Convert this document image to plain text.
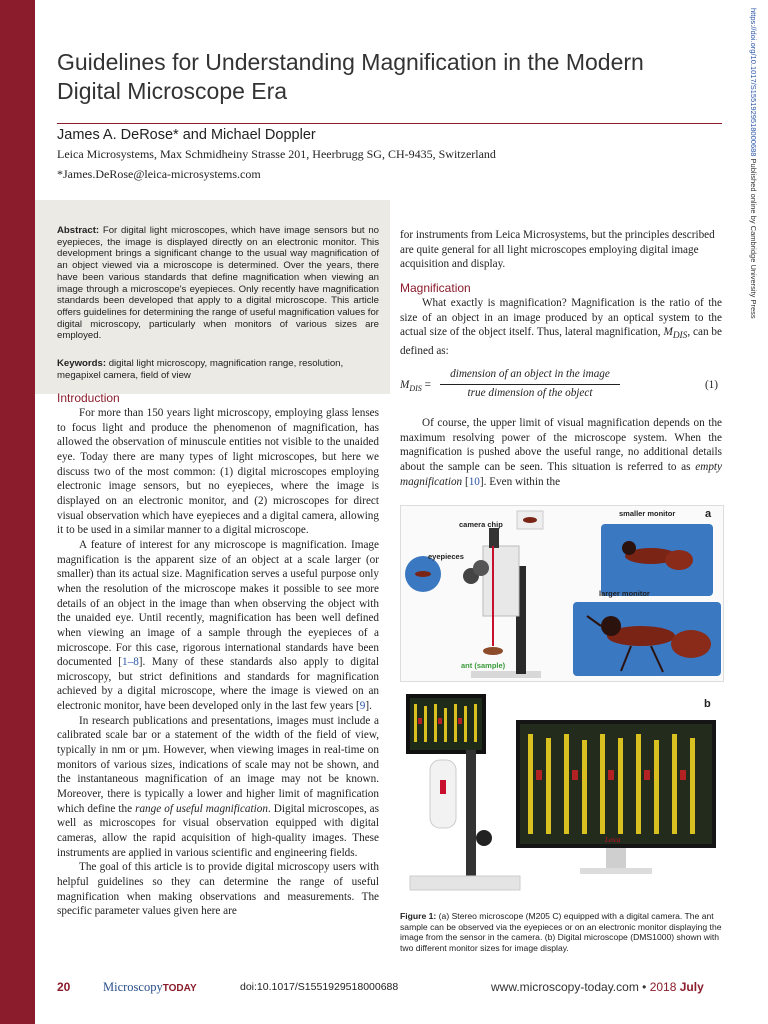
https://doi.org/10.1017/S1551929518000688 Published online by Cambridge University Press
Guidelines for Understanding Magnification in the Modern Digital Microscope Era
James A. DeRose* and Michael Doppler
Leica Microsystems, Max Schmidheiny Strasse 201, Heerbrugg SG, CH-9435, Switzerland
*James.DeRose@leica-microsystems.com
Abstract: For digital light microscopes, which have image sensors but no eyepieces, the image is displayed directly on an electronic monitor. This development brings a significant change to the usual way magnification of an object viewed via a microscope is determined. Over the years, there have been various standards that define magnification when viewing an image through a microscope's eyepieces. Only recently have magnification standards been developed that apply to a digital microscope. This article offers guidelines for determining the range of useful magnification values for digital microscopy, particularly when monitors of various sizes are employed.
Keywords: digital light microscopy, magnification range, resolution, megapixel camera, field of view
Introduction

For more than 150 years light microscopy, employing glass lenses to focus light and produce the phenomenon of magnification, has allowed the observation of minuscule entities not visible to the unaided eye. Today there are many types of light microscopes, but here we discuss two of the most common: (1) digital microscopes employing electronic image sensors, but no eyepieces, where the image is displayed on an electronic monitor, and (2) microscopes for direct visual observation which have eyepieces and a digital camera, allowing it to be used in a similar manner to a digital microscope.

A feature of interest for any microscope is magnification. Image magnification is the apparent size of an object at a scale larger (or smaller) than its actual size. Magnification serves a useful purpose only when the resolution of the microscope makes it possible to see more details of an object in the image than when observing the object with the unaided eye. Until recently, magnification has been well defined when viewing an image of a sample through the eyepieces of a microscope. For this case, rigorous international standards have been documented [1–8]. Many of these standards also apply to digital microscopy, but strict definitions and standards for magnification achieved by a digital microscope, where the image is viewed on an electronic monitor, have been developed only in the last few years [9].

In research publications and presentations, images must include a calibrated scale bar or a statement of the width of the field of view, typically in nm or µm. However, when viewing images in real-time on monitors of various sizes, indications of scale may not be shown, and the instantaneous magnification of an image may not be known. Moreover, there is typically a lower and higher limit of magnification which define the range of useful magnification. Digital microscopes, as well as microscopes for visual observation equipped with digital cameras, allow the rapid acquisition of high-quality images. These instruments are applied in various scientific and engineering fields.

The goal of this article is to provide digital microscopy users with helpful guidelines so they can determine the range of useful magnification when making observations and measurements. The specific parameter values given here are

for instruments from Leica Microsystems, but the principles described are quite general for all light microscopes employing digital image acquisition and display.

Magnification

What exactly is magnification? Magnification is the ratio of the size of an object in an image produced by an optical system to the actual size of the object itself. Thus, lateral magnification, $M_{DIS}$, can be defined as:

$M_{DIS}$ =
dimension of an object in the image
true dimension of the object
(1)

Of course, the upper limit of visual magnification depends on the maximum resolving power of the microscope system. When the magnification is pushed above the useful range, no additional details about the sample can be seen. This situation is referred to as empty magnification [10]. Even within the

a
camera chip
eyepieces
smaller monitor
larger monitor
ant (sample)
b
Leica
Figure 1: (a) Stereo microscope (M205 C) equipped with a digital camera. The ant sample can be observed via the eyepieces or on an electronic monitor displaying the image from the sensor in the camera. (b) Digital microscope (DMS1000) shown with two different monitor sizes for image display.
20	MicroscopyTODAY	doi:10.1017/S1551929518000688	www.microscopy-today.com • 2018 July
